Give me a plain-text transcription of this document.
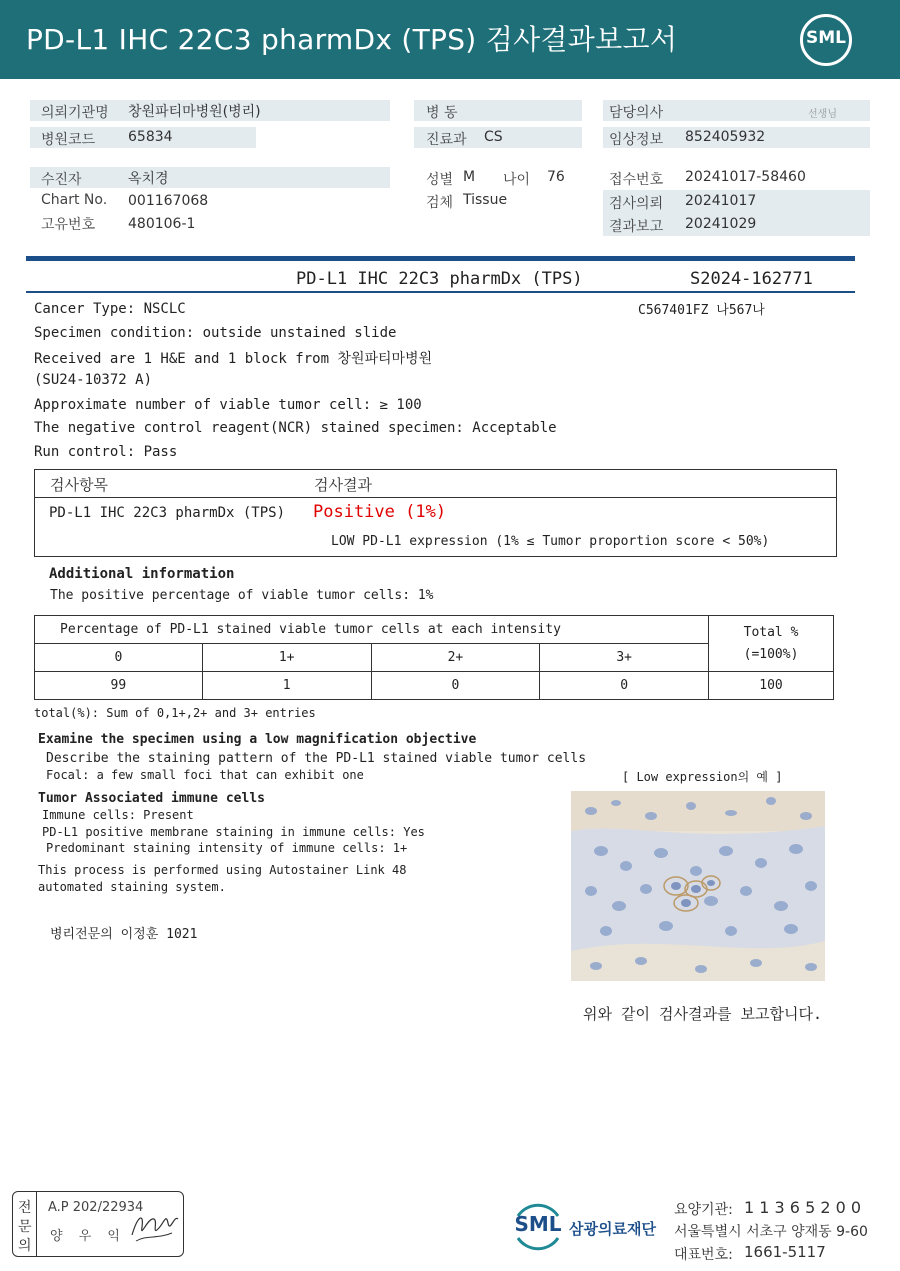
PD-L1 IHC 22C3 pharmDx (TPS) 검사결과보고서	SML
의뢰기관명 창원파티마병원(병리)
병원코드 65834
병 동
진료과 CS
담당의사	선생님
임상정보 852405932
수진자	옥치경
Chart No. 001167068
고유번호 480106-1
성별 M 나이 76
검체 Tissue
접수번호 20241017-58460
검사의뢰 20241017
결과보고 20241029
PD-L1 IHC 22C3 pharmDx (TPS)	S2024-162771
C567401FZ 나567나
Cancer Type: NSCLC
Specimen condition: outside unstained slide
Received are 1 H&E and 1 block from 창원파티마병원
(SU24-10372 A)
Approximate number of viable tumor cell: ≥ 100
The negative control reagent(NCR) stained specimen: Acceptable
Run control: Pass
검사항목	검사결과
PD-L1 IHC 22C3 pharmDx (TPS) Positive (1%)
LOW PD-L1 expression (1% ≤ Tumor proportion score < 50%)
Additional information
The positive percentage of viable tumor cells: 1%
Percentage of PD-L1 stained viable tumor cells at each intensity				Total %
(=100%)
0	1+	2+	3+	
99	1	0	0	100
total(%): Sum of 0,1+,2+ and 3+ entries
Examine the specimen using a low magnification objective
Describe the staining pattern of the PD-L1 stained viable tumor cells
Focal: a few small foci that can exhibit one	[ Low expression의 예 ]
Tumor Associated immune cells
Immune cells: Present
PD-L1 positive membrane staining in immune cells: Yes
Predominant staining intensity of immune cells: 1+
This process is performed using Autostainer Link 48
automated staining system.
병리전문의 이정훈 1021
위와 같이 검사결과를 보고합니다.
전
문
의
A.P 202/22934
양 우 익
SML 삼광의료재단
요양기관: 1 1 3 6 5 2 0 0
서울특별시 서초구 양재동 9-60
대표번호: 1661-5117
